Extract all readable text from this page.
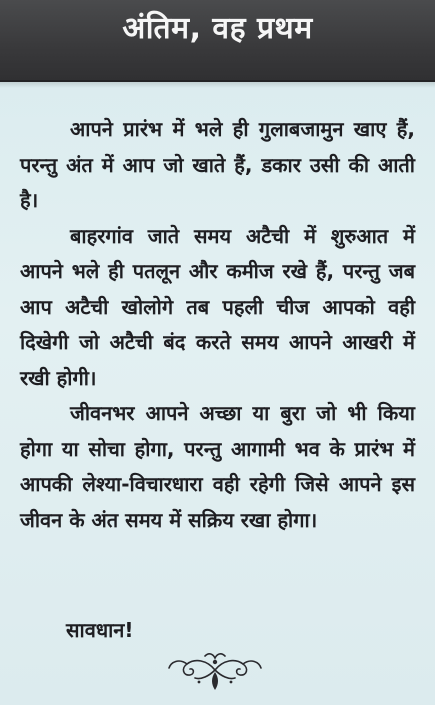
अंतिम, वह प्रथम

आपने प्रारंभ में भले ही गुलाबजामुन खाए हैं, परन्तु अंत में आप जो खाते हैं, डकार उसी की आती है।

बाहरगांव जाते समय अटैची में शुरुआत में आपने भले ही पतलून और कमीज रखे हैं, परन्तु जब आप अटैची खोलोगे तब पहली चीज आपको वही दिखेगी जो अटैची बंद करते समय आपने आखरी में रखी होगी।

जीवनभर आपने अच्छा या बुरा जो भी किया होगा या सोचा होगा, परन्तु आगामी भव के प्रारंभ में आपकी लेश्या-विचारधारा वही रहेगी जिसे आपने इस जीवन के अंत समय में सक्रिय रखा होगा।

सावधान!
